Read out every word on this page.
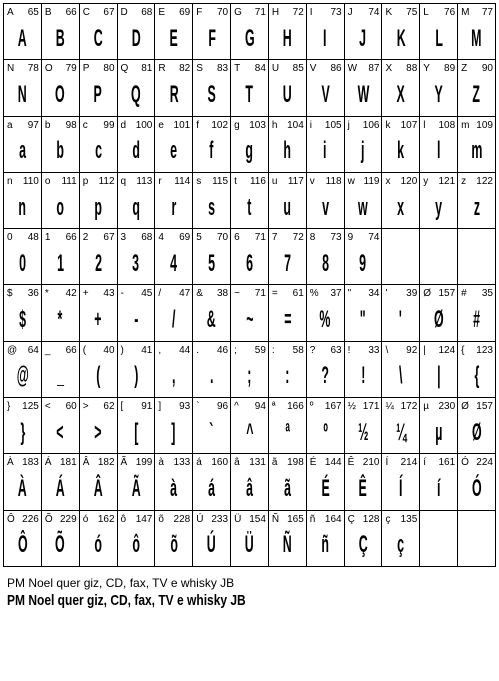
A 65
A
B 66
B
C 67
C
D 68
D
E 69
E
F 70
F
G 71
G
H 72
H
I 73
I
J 74
J
K 75
K
L 76
L
M 77
M
N 78
N
O 79
O
P 80
P
Q 81
Q
R 82
R
S 83
S
T 84
T
U 85
U
V 86
V
W 87
W
X 88
X
Y 89
Y
Z 90
Z
a 97
a
b 98
b
c 99
c
d 100
d
e 101
e
f 102
f
g 103
g
h 104
h
i 105
i
j 106
j
k 107
k
l 108
l
m 109
m
n 110
n
o 111
o
p 112
p
q 113
q
r 114
r
s 115
s
t 116
t
u 117
u
v 118
v
w 119
w
x 120
x
y 121
y
z 122
z
0 48
0
1 66
1
2 67
2
3 68
3
4 69
4
5 70
5
6 71
6
7 72
7
8 73
8
9 74
9
$ 36
$
* 42
*
+ 43
+
- 45
-
/ 47
/
& 38
&
~ 71
~
= 61
=
% 37
%
" 34
"
' 39
'
Ø 157
Ø
# 35
#
@ 64
@
_ 66
_
( 40
(
) 41
)
, 44
,
. 46
.
; 59
;
: 58
:
? 63
?
! 33
!
\ 92
\
| 124
|
{ 123
{
} 125
}
< 60
<
> 62
>
[ 91
[
] 93
]
` 96
`
^ 94
^
ª 166
ª
º 167
º
½ 171
½
¼ 172
¼
µ 230
µ
Ø 157
Ø
À 183
À
Á 181
Á
Â 182
Â
Ã 199
Ã
à 133
à
á 160
á
â 131
â
ã 198
ã
É 144
É
Ê 210
Ê
Í 214
Í
í 161
í
Ó 224
Ó
Ô 226
Ô
Õ 229
Õ
ó 162
ó
ô 147
ô
õ 228
õ
Ú 233
Ú
Ü 154
Ü
Ñ 165
Ñ
ñ 164
ñ
Ç 128
Ç
ç 135
ç
PM Noel quer giz, CD, fax, TV e whisky JB
PM Noel quer giz, CD, fax, TV e whisky JB
